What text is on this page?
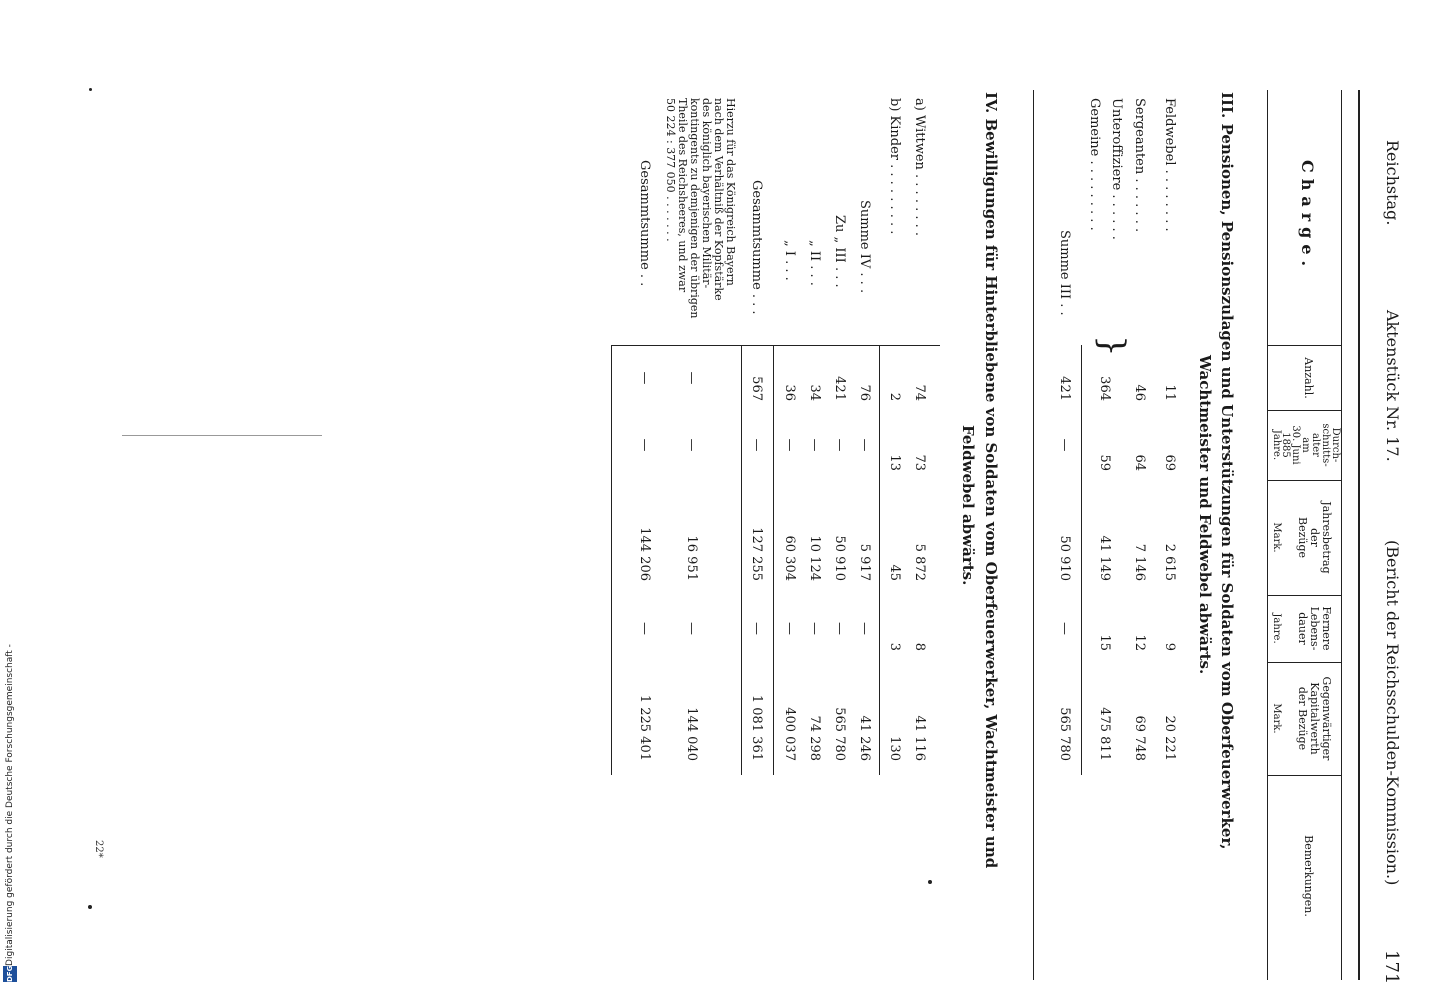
Digitalisierung gefördert durch die Deutsche Forschungsgemeinschaft -
DFG
Reichstag.
Aktenstück Nr. 17.
(Bericht der Reichsschulden-Kommission.)
171
Charge.
Anzahl.
Durch-
schnitts-
alter
am
30. Juni
1885
Jahre.
Jahresbetrag
der
Bezüge
Mark.
Fernere
Lebens-
dauer
Jahre.
Gegenwärtiger
Kapitalwerth
der Bezüge
Mark.
Bemerkungen.
III. Pensionen, Pensionszulagen und Unterstützungen für Soldaten vom Oberfeuerwerker,
Wachtmeister und Feldwebel abwärts.
Feldwebel . . . . . . . .
11
69
2 615
9
20 221
Sergeanten . . . . . . .
46
64
7 146
12
69 748
Unteroffiziere . . . . . .
Gemeine . . . . . . . . .
}
364
59
41 149
15
475 811
Summe III . .
421
—
50 910
—
565 780
IV. Bewilligungen für Hinterbliebene von Soldaten vom Oberfeuerwerker, Wachtmeister und
Feldwebel abwärts.
a) Wittwen . . . . . . . .
74
73
5 872
8
41 116
b) Kinder . . . . . . . . .
2
13
45
3
130
Summe IV . . .
76
—
5 917
—
41 246
Zu „ III . . .
421
—
50 910
—
565 780
„ II . . .
34
—
10 124
—
74 298
„ I . . .
36
—
60 304
—
400 037
Gesammtsumme . . .
567
—
127 255
—
1 081 361
Hierzu für das Königreich Bayern
nach dem Verhältniß der Kopfstärke
des königlich bayerischen Militär-
kontingents zu demjenigen der übrigen
Theile des Reichsheeres, und zwar
50 224 : 377 050 . . . . . . .
—
—
16 951
—
144 040
Gesammtsumme . .
—
—
144 206
—
1 225 401
22*
